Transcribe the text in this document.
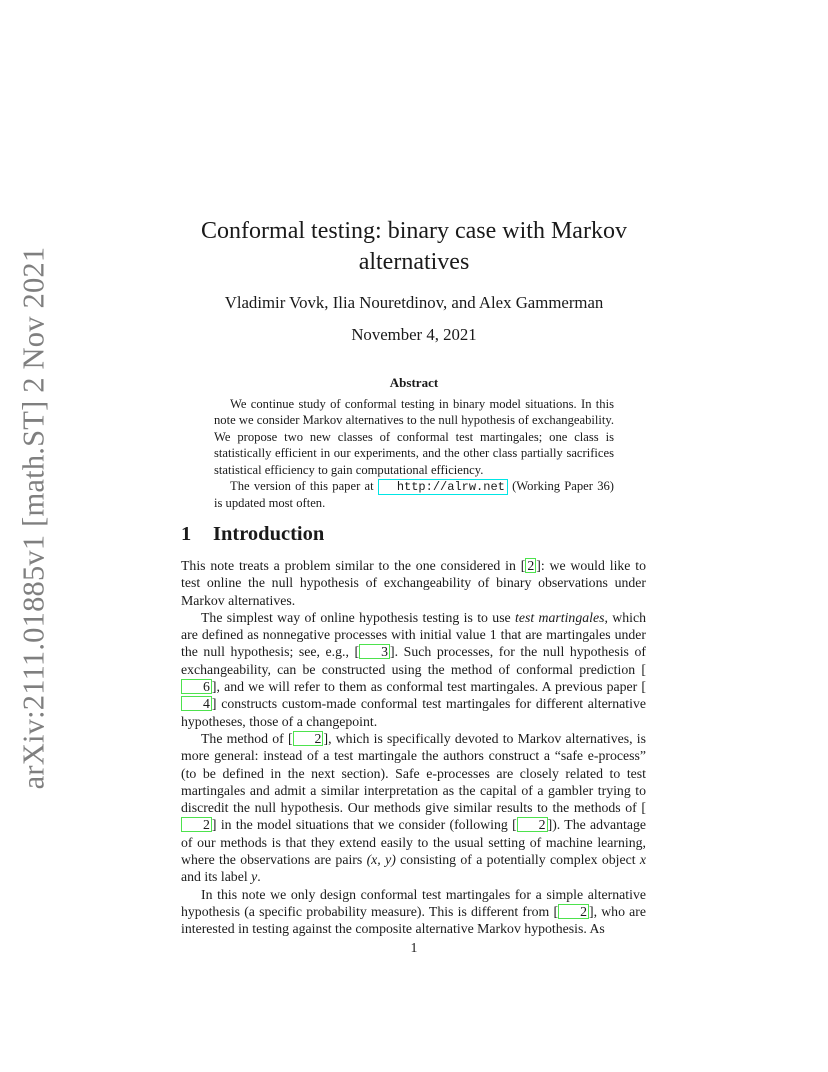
arXiv:2111.01885v1 [math.ST] 2 Nov 2021
Conformal testing: binary case with Markov
alternatives
Vladimir Vovk, Ilia Nouretdinov, and Alex Gammerman
November 4, 2021
Abstract

We continue study of conformal testing in binary model situations. In this note we consider Markov alternatives to the null hypothesis of exchangeability. We propose two new classes of conformal test martingales; one class is statistically efficient in our experiments, and the other class partially sacrifices statistical efficiency to gain computational efficiency.

The version of this paper at http://alrw.net (Working Paper 36) is updated most often.

1 Introduction

This note treats a problem similar to the one considered in [ 2 ]: we would like to test online the null hypothesis of exchangeability of binary observations under Markov alternatives.

The simplest way of online hypothesis testing is to use test martingales, which are defined as nonnegative processes with initial value 1 that are martingales under the null hypothesis; see, e.g., [ 3 ]. Such processes, for the null hypothesis of exchangeability, can be constructed using the method of conformal prediction [6 ], and we will refer to them as conformal test martingales. A previous paper [4 ] constructs custom-made conformal test martingales for different alternative hypotheses, those of a changepoint.

The method of [ 2 ], which is specifically devoted to Markov alternatives, is more general: instead of a test martingale the authors construct a “safe e-process” (to be defined in the next section). Safe e-processes are closely related to test martingales and admit a similar interpretation as the capital of a gambler trying to discredit the null hypothesis. Our methods give similar results to the methods of [2 ] in the model situations that we consider (following [ 2 ]). The advantage of our methods is that they extend easily to the usual setting of machine learning, where the observations are pairs (x, y) consisting of a potentially complex object x and its label y.

In this note we only design conformal test martingales for a simple alternative hypothesis (a specific probability measure). This is different from [ 2 ], who are interested in testing against the composite alternative Markov hypothesis. As

1
